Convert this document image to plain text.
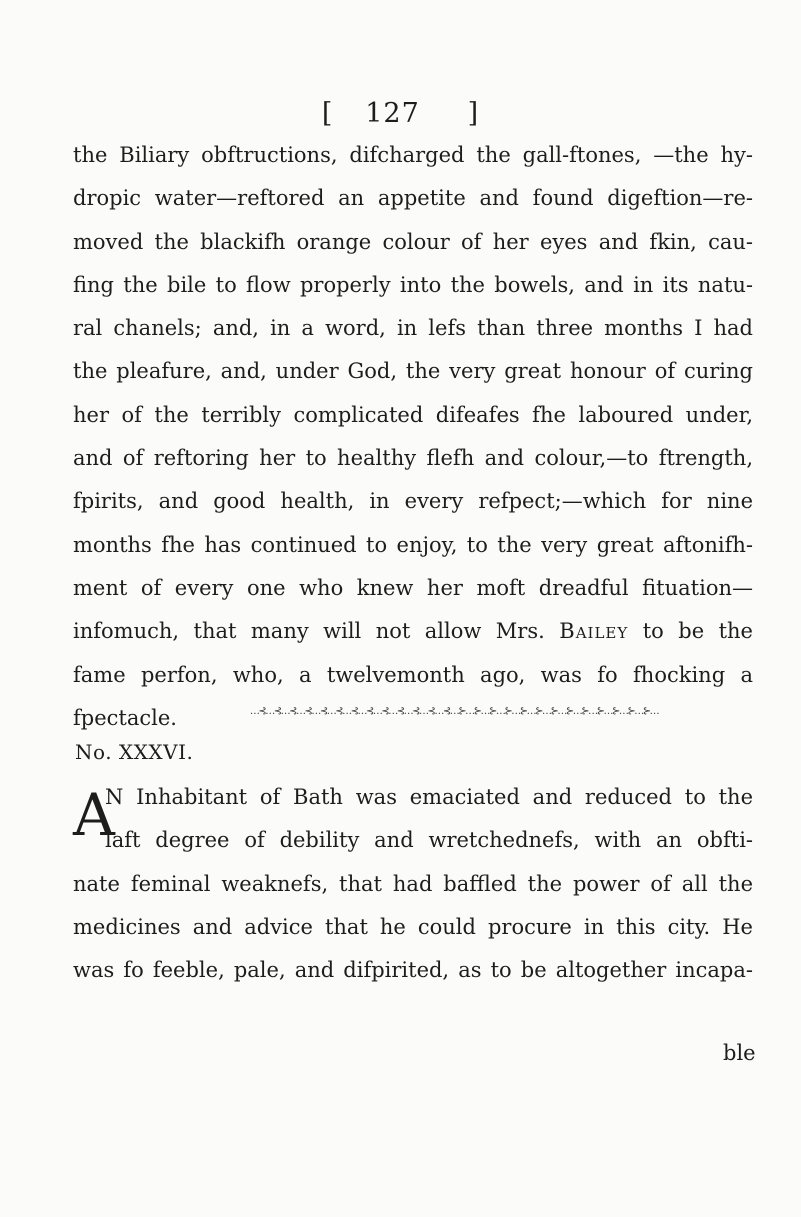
[ 127 ]
the Biliary obftructions, difcharged the gall-ftones, —the hy-
dropic water—reftored an appetite and found digeftion—re-
moved the blackifh orange colour of her eyes and fkin, cau-
fing the bile to flow properly into the bowels, and in its natu-
ral chanels; and, in a word, in lefs than three months I had
the pleafure, and, under God, the very great honour of curing
her of the terribly complicated difeafes fhe laboured under,
and of reftoring her to healthy flefh and colour,—to ftrength,
fpirits, and good health, in every refpect;—which for nine
months fhe has continued to enjoy, to the very great aftonifh-
ment of every one who knew her moft dreadful fituation—
infomuch, that many will not allow Mrs. Bailey to be the
fame perfon, who, a twelvemonth ago, was fo fhocking a
fpectacle.	…⊰…⊰…⊰…⊰…⊰…⊰…⊰…⊰…⊰…⊰…⊰…⊰…⊰…⊱…⊱…⊱…⊱…⊱…⊱…⊱…⊱…⊱…⊱…⊱…⊱…⊱…
No. XXXVI.
A
N Inhabitant of Bath was emaciated and reduced to the
laft degree of debility and wretchednefs, with an obfti-
nate feminal weaknefs, that had baffled the power of all the
medicines and advice that he could procure in this city. He
was fo feeble, pale, and difpirited, as to be altogether incapa-
ble
